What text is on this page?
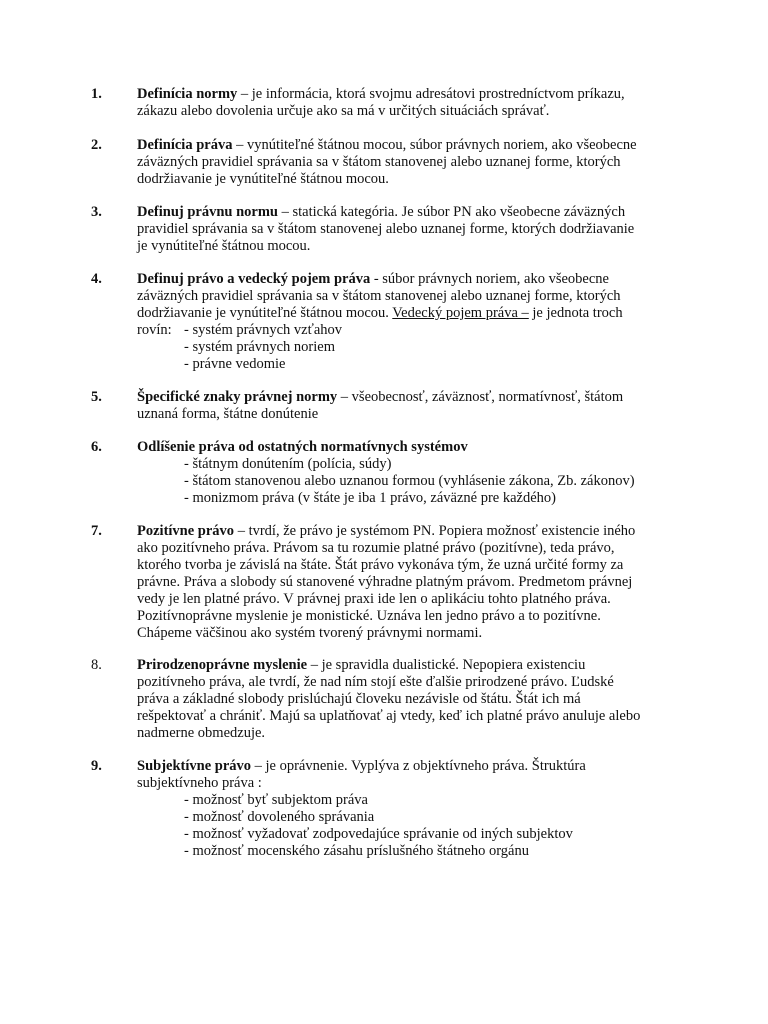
1. Definícia normy – je informácia, ktorá svojmu adresátovi prostredníctvom príkazu,
zákazu alebo dovolenia určuje ako sa má v určitých situáciách správať.
2. Definícia práva – vynútiteľné štátnou mocou, súbor právnych noriem, ako všeobecne
záväzných pravidiel správania sa v štátom stanovenej alebo uznanej forme, ktorých
dodržiavanie je vynútiteľné štátnou mocou.
3. Definuj právnu normu – statická kategória. Je súbor PN ako všeobecne záväzných
pravidiel správania sa v štátom stanovenej alebo uznanej forme, ktorých dodržiavanie
je vynútiteľné štátnou mocou.
4. Definuj právo a vedecký pojem práva - súbor právnych noriem, ako všeobecne
záväzných pravidiel správania sa v štátom stanovenej alebo uznanej forme, ktorých
dodržiavanie je vynútiteľné štátnou mocou. Vedecký pojem práva – je jednota troch
rovín: - systém právnych vzťahov
- systém právnych noriem
- právne vedomie
5. Špecifické znaky právnej normy – všeobecnosť, záväznosť, normatívnosť, štátom
uznaná forma, štátne donútenie
6. Odlíšenie práva od ostatných normatívnych systémov
- štátnym donútením (polícia, súdy)
- štátom stanovenou alebo uznanou formou (vyhlásenie zákona, Zb. zákonov)
- monizmom práva (v štáte je iba 1 právo, záväzné pre každého)
7. Pozitívne právo – tvrdí, že právo je systémom PN. Popiera možnosť existencie iného
ako pozitívneho práva. Právom sa tu rozumie platné právo (pozitívne), teda právo,
ktorého tvorba je závislá na štáte. Štát právo vykonáva tým, že uzná určité formy za
právne. Práva a slobody sú stanovené výhradne platným právom. Predmetom právnej
vedy je len platné právo. V právnej praxi ide len o aplikáciu tohto platného práva.
Pozitívnoprávne myslenie je monistické. Uznáva len jedno právo a to pozitívne.
Chápeme väčšinou ako systém tvorený právnymi normami.
8. Prirodzenoprávne myslenie – je spravidla dualistické. Nepopiera existenciu
pozitívneho práva, ale tvrdí, že nad ním stojí ešte ďalšie prirodzené právo. Ľudské
práva a základné slobody prislúchajú človeku nezávisle od štátu. Štát ich má
rešpektovať a chrániť. Majú sa uplatňovať aj vtedy, keď ich platné právo anuluje alebo
nadmerne obmedzuje.
9. Subjektívne právo – je oprávnenie. Vyplýva z objektívneho práva. Štruktúra
subjektívneho práva :
- možnosť byť subjektom práva
- možnosť dovoleného správania
- možnosť vyžadovať zodpovedajúce správanie od iných subjektov
- možnosť mocenského zásahu príslušného štátneho orgánu
